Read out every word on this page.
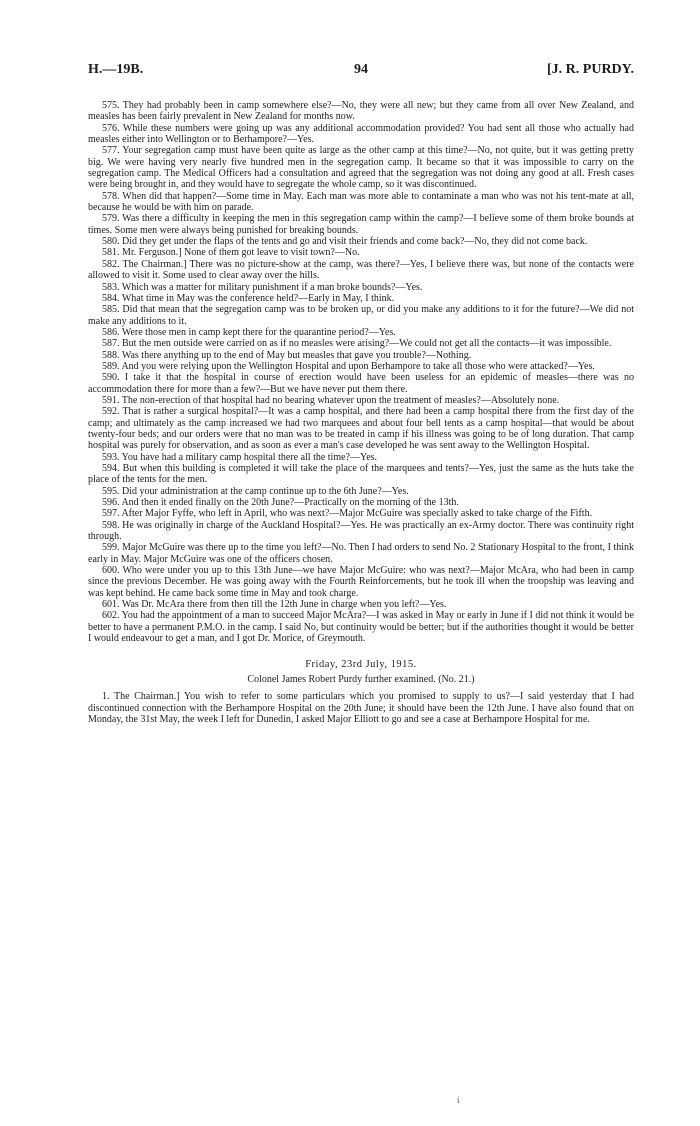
H.—19B.	94	[J. R. PURDY.

575. They had probably been in camp somewhere else?—No, they were all new; but they came from all over New Zealand, and measles has been fairly prevalent in New Zealand for months now.

576. While these numbers were going up was any additional accommodation provided? You had sent all those who actually had measles either into Wellington or to Berhampore?—Yes.

577. Your segregation camp must have been quite as large as the other camp at this time?—No, not quite, but it was getting pretty big. We were having very nearly five hundred men in the segregation camp. It became so that it was impossible to carry on the segregation camp. The Medical Officers had a consultation and agreed that the segregation was not doing any good at all. Fresh cases were being brought in, and they would have to segregate the whole camp, so it was discontinued.

578. When did that happen?—Some time in May. Each man was more able to contaminate a man who was not his tent-mate at all, because he would be with him on parade.

579. Was there a difficulty in keeping the men in this segregation camp within the camp?—I believe some of them broke bounds at times. Some men were always being punished for breaking bounds.

580. Did they get under the flaps of the tents and go and visit their friends and come back?—No, they did not come back.

581. Mr. Ferguson.] None of them got leave to visit town?—No.

582. The Chairman.] There was no picture-show at the camp, was there?—Yes, I believe there was, but none of the contacts were allowed to visit it. Some used to clear away over the hills.

583. Which was a matter for military punishment if a man broke bounds?—Yes.

584. What time in May was the conference held?—Early in May, I think.

585. Did that mean that the segregation camp was to be broken up, or did you make any additions to it for the future?—We did not make any additions to it.

586. Were those men in camp kept there for the quarantine period?—Yes.

587. But the men outside were carried on as if no measles were arising?—We could not get all the contacts—it was impossible.

588. Was there anything up to the end of May but measles that gave you trouble?—Nothing.

589. And you were relying upon the Wellington Hospital and upon Berhampore to take all those who were attacked?—Yes.

590. I take it that the hospital in course of erection would have been useless for an epidemic of measles—there was no accommodation there for more than a few?—But we have never put them there.

591. The non-erection of that hospital had no bearing whatever upon the treatment of measles?—Absolutely none.

592. That is rather a surgical hospital?—It was a camp hospital, and there had been a camp hospital there from the first day of the camp; and ultimately as the camp increased we had two marquees and about four bell tents as a camp hospital—that would be about twenty-four beds; and our orders were that no man was to be treated in camp if his illness was going to be of long duration. That camp hospital was purely for observation, and as soon as ever a man's case developed he was sent away to the Wellington Hospital.

593. You have had a military camp hospital there all the time?—Yes.

594. But when this building is completed it will take the place of the marquees and tents?—Yes, just the same as the huts take the place of the tents for the men.

595. Did your administration at the camp continue up to the 6th June?—Yes.

596. And then it ended finally on the 20th June?—Practically on the morning of the 13th.

597. After Major Fyffe, who left in April, who was next?—Major McGuire was specially asked to take charge of the Fifth.

598. He was originally in charge of the Auckland Hospital?—Yes. He was practically an ex-Army doctor. There was continuity right through.

599. Major McGuire was there up to the time you left?—No. Then I had orders to send No. 2 Stationary Hospital to the front, I think early in May. Major McGuire was one of the officers chosen.

600. Who were under you up to this 13th June—we have Major McGuire: who was next?—Major McAra, who had been in camp since the previous December. He was going away with the Fourth Reinforcements, but he took ill when the troopship was leaving and was kept behind. He came back some time in May and took charge.

601. Was Dr. McAra there from then till the 12th June in charge when you left?—Yes.

602. You had the appointment of a man to succeed Major McAra?—I was asked in May or early in June if I did not think it would be better to have a permanent P.M.O. in the camp. I said No, but continuity would be better; but if the authorities thought it would be better I would endeavour to get a man, and I got Dr. Morice, of Greymouth.

Friday, 23rd July, 1915.
Colonel James Robert Purdy further examined. (No. 21.)

1. The Chairman.] You wish to refer to some particulars which you promised to supply to us?—I said yesterday that I had discontinued connection with the Berhampore Hospital on the 20th June; it should have been the 12th June. I have also found that on Monday, the 31st May, the week I left for Dunedin, I asked Major Elliott to go and see a case at Berhampore Hospital for me.

i
